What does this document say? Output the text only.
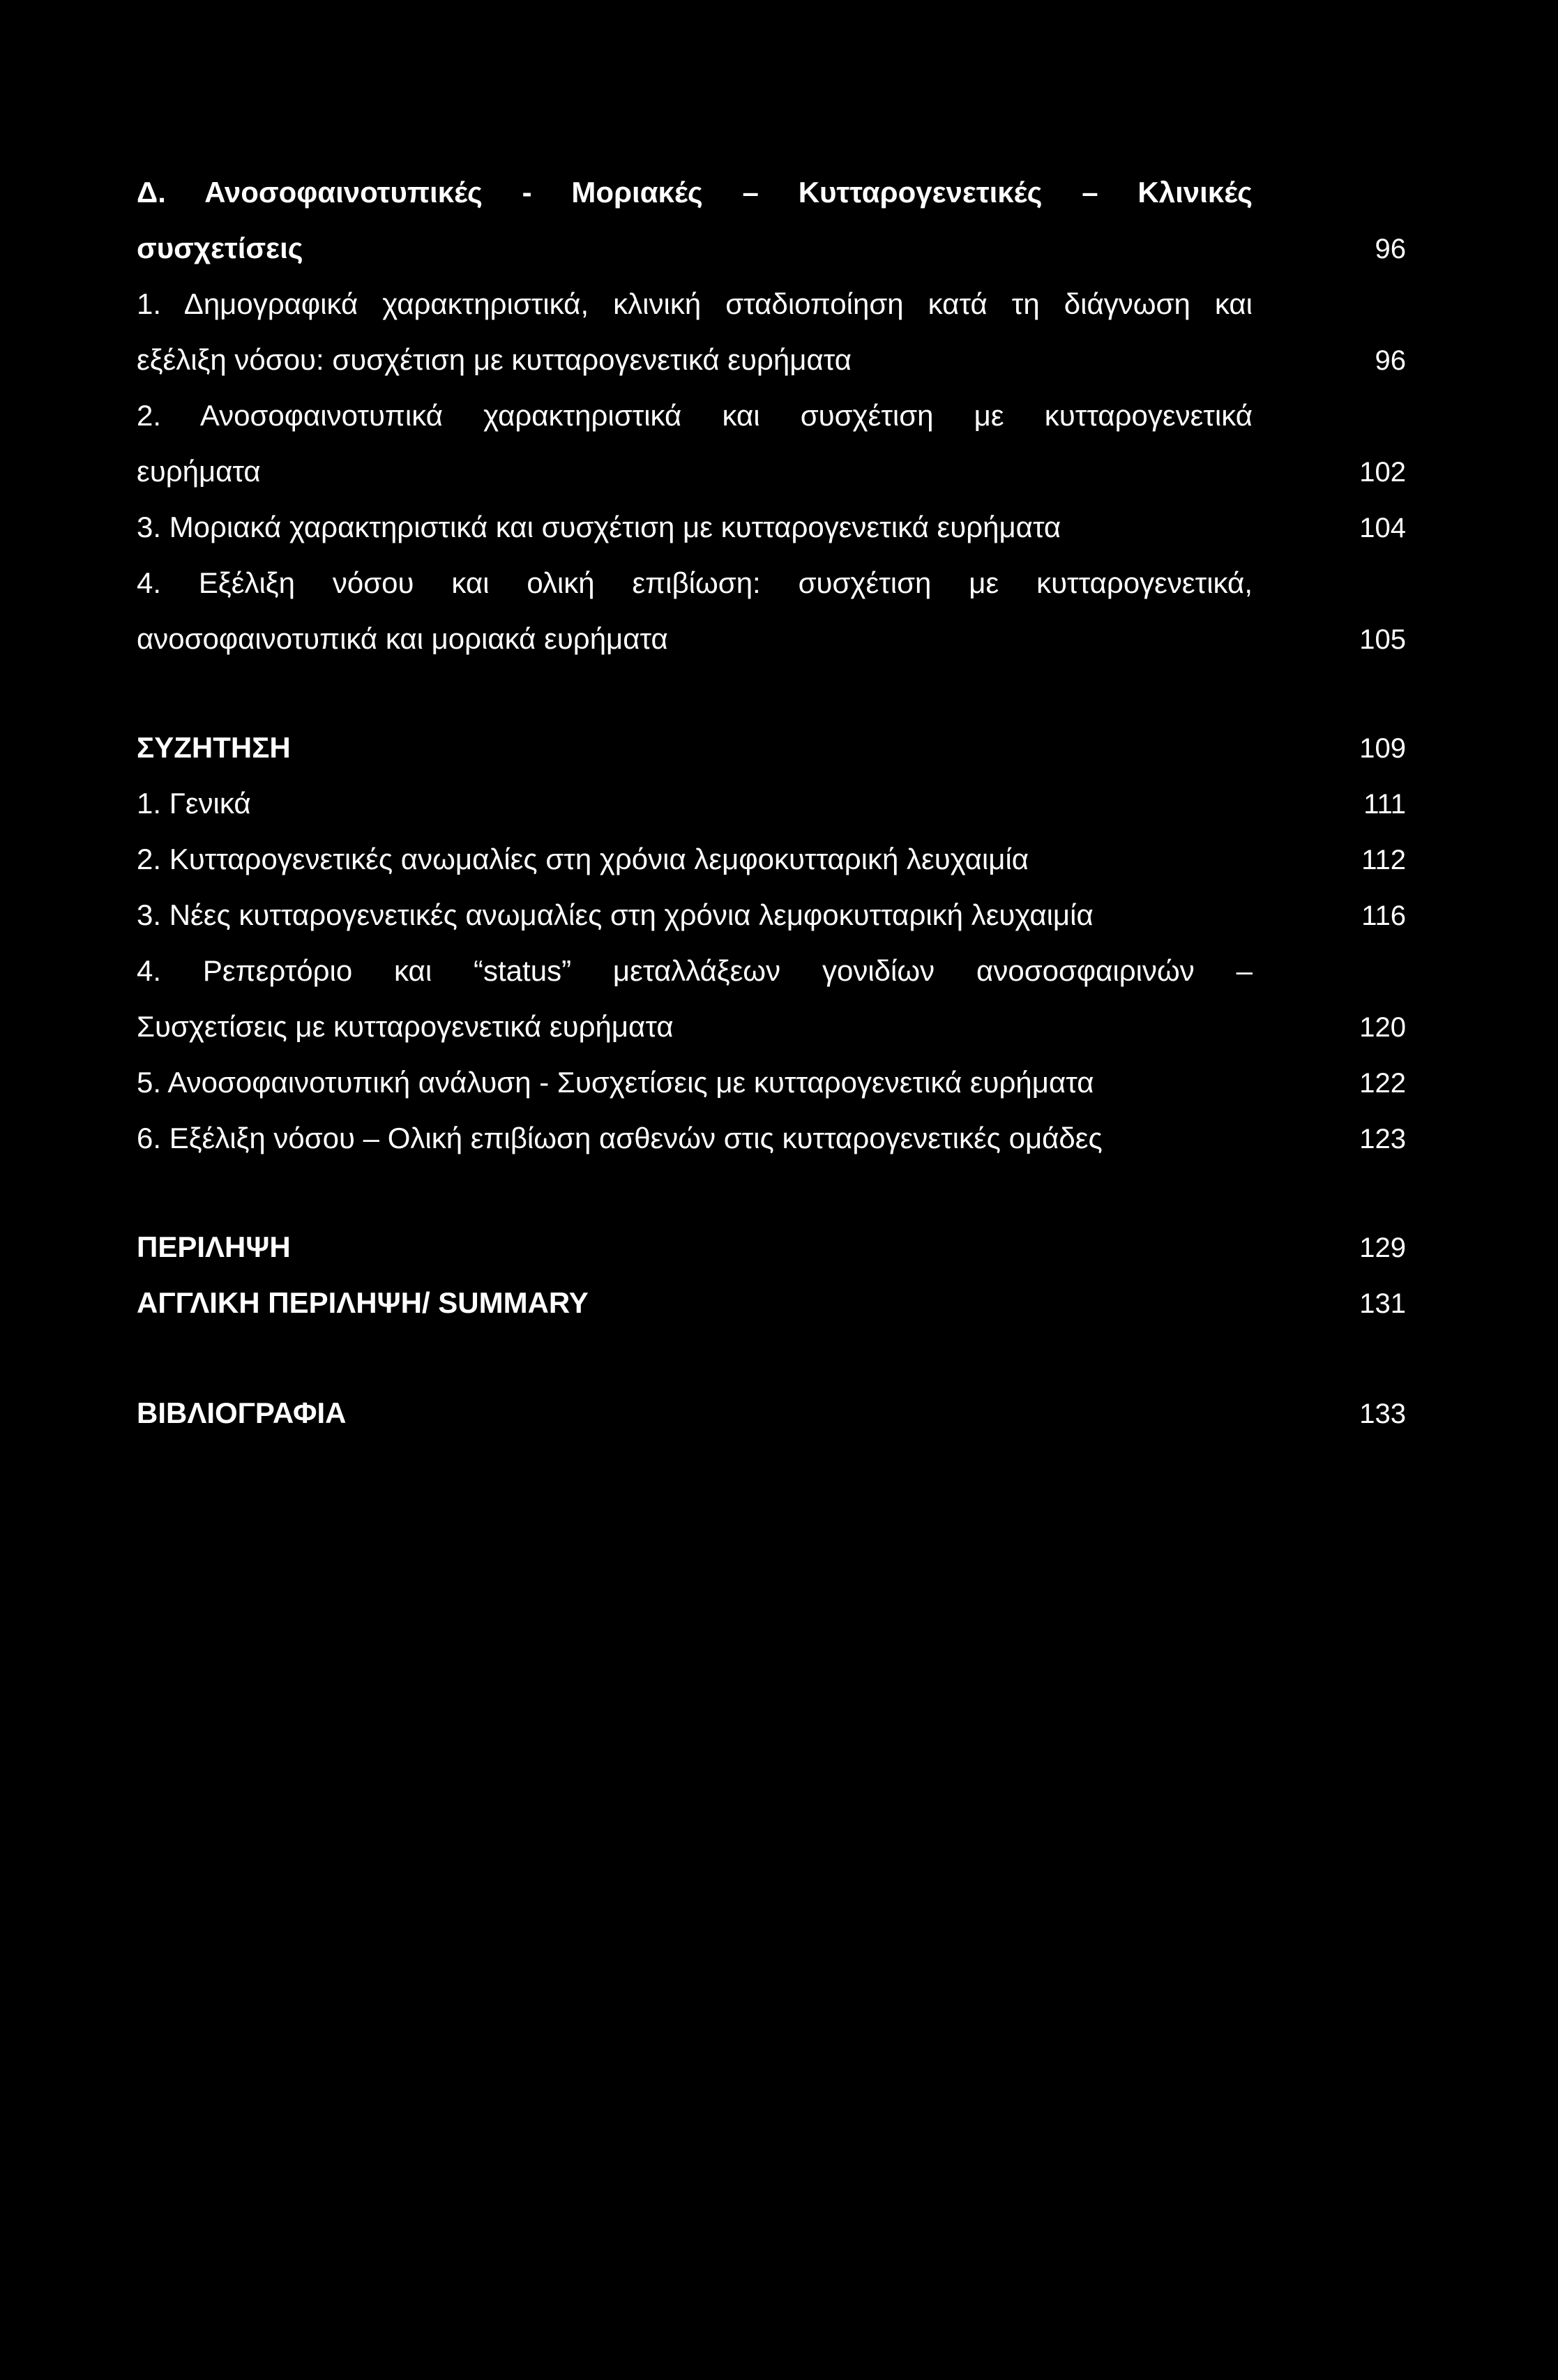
Δ. Ανοσοφαινοτυπικές - Μοριακές – Κυτταρογενετικές – Κλινικές
συσχετίσεις	96
1. Δημογραφικά χαρακτηριστικά, κλινική σταδιοποίηση κατά τη διάγνωση και
εξέλιξη νόσου: συσχέτιση με κυτταρογενετικά ευρήματα	96
2. Ανοσοφαινοτυπικά χαρακτηριστικά και συσχέτιση με κυτταρογενετικά
ευρήματα	102
3. Μοριακά χαρακτηριστικά και συσχέτιση με κυτταρογενετικά ευρήματα	104
4. Εξέλιξη νόσου και ολική επιβίωση: συσχέτιση με κυτταρογενετικά,
ανοσοφαινοτυπικά και μοριακά ευρήματα	105
ΣΥΖΗΤΗΣΗ	109
1. Γενικά	111
2. Κυτταρογενετικές ανωμαλίες στη χρόνια λεμφοκυτταρική λευχαιμία	112
3. Νέες κυτταρογενετικές ανωμαλίες στη χρόνια λεμφοκυτταρική λευχαιμία	116
4. Ρεπερτόριο και “status” μεταλλάξεων γονιδίων ανοσοσφαιρινών –
Συσχετίσεις με κυτταρογενετικά ευρήματα	120
5. Ανοσοφαινοτυπική ανάλυση - Συσχετίσεις με κυτταρογενετικά ευρήματα	122
6. Εξέλιξη νόσου – Ολική επιβίωση ασθενών στις κυτταρογενετικές ομάδες	123
ΠΕΡΙΛΗΨΗ	129
ΑΓΓΛΙΚΗ ΠΕΡΙΛΗΨΗ/ SUMMARY	131
ΒΙΒΛΙΟΓΡΑΦΙΑ	133
